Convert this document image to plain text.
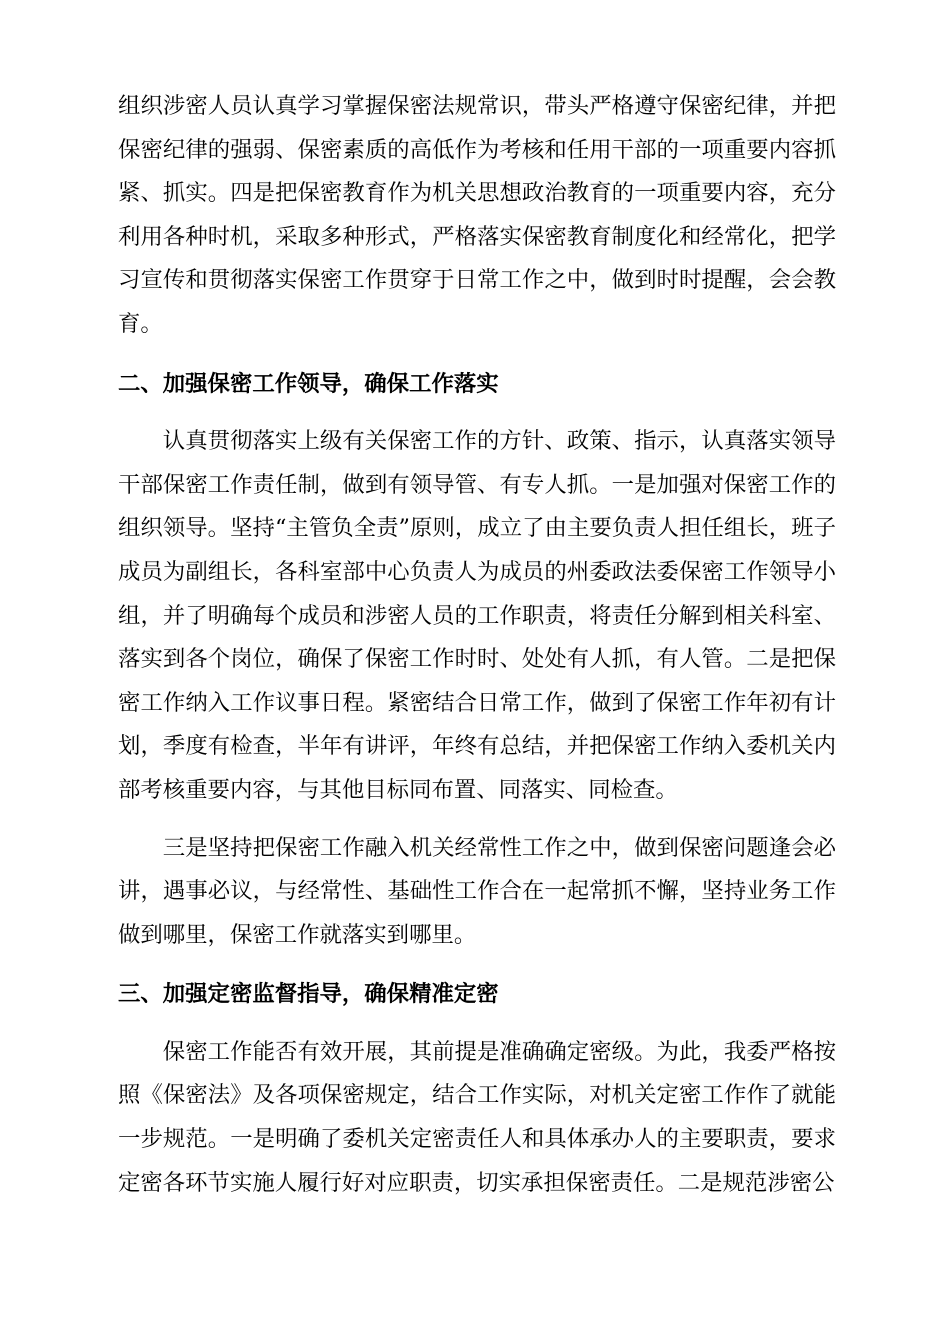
组织涉密人员认真学习掌握保密法规常识，带头严格遵守保密纪律，并把保密纪律的强弱、保密素质的高低作为考核和任用干部的一项重要内容抓紧、抓实。四是把保密教育作为机关思想政治教育的一项重要内容，充分利用各种时机，采取多种形式，严格落实保密教育制度化和经常化，把学习宣传和贯彻落实保密工作贯穿于日常工作之中，做到时时提醒，会会教育。

二、加强保密工作领导，确保工作落实

认真贯彻落实上级有关保密工作的方针、政策、指示，认真落实领导干部保密工作责任制，做到有领导管、有专人抓。一是加强对保密工作的组织领导。坚持“主管负全责”原则，成立了由主要负责人担任组长，班子成员为副组长，各科室部中心负责人为成员的州委政法委保密工作领导小组，并了明确每个成员和涉密人员的工作职责，将责任分解到相关科室、落实到各个岗位，确保了保密工作时时、处处有人抓，有人管。二是把保密工作纳入工作议事日程。紧密结合日常工作，做到了保密工作年初有计划，季度有检查，半年有讲评，年终有总结，并把保密工作纳入委机关内部考核重要内容，与其他目标同布置、同落实、同检查。

三是坚持把保密工作融入机关经常性工作之中，做到保密问题逢会必讲，遇事必议，与经常性、基础性工作合在一起常抓不懈，坚持业务工作做到哪里，保密工作就落实到哪里。

三、加强定密监督指导，确保精准定密

保密工作能否有效开展，其前提是准确确定密级。为此，我委严格按照《保密法》及各项保密规定，结合工作实际，对机关定密工作作了就能一步规范。一是明确了委机关定密责任人和具体承办人的主要职责，要求定密各环节实施人履行好对应职责，切实承担保密责任。二是规范涉密公
